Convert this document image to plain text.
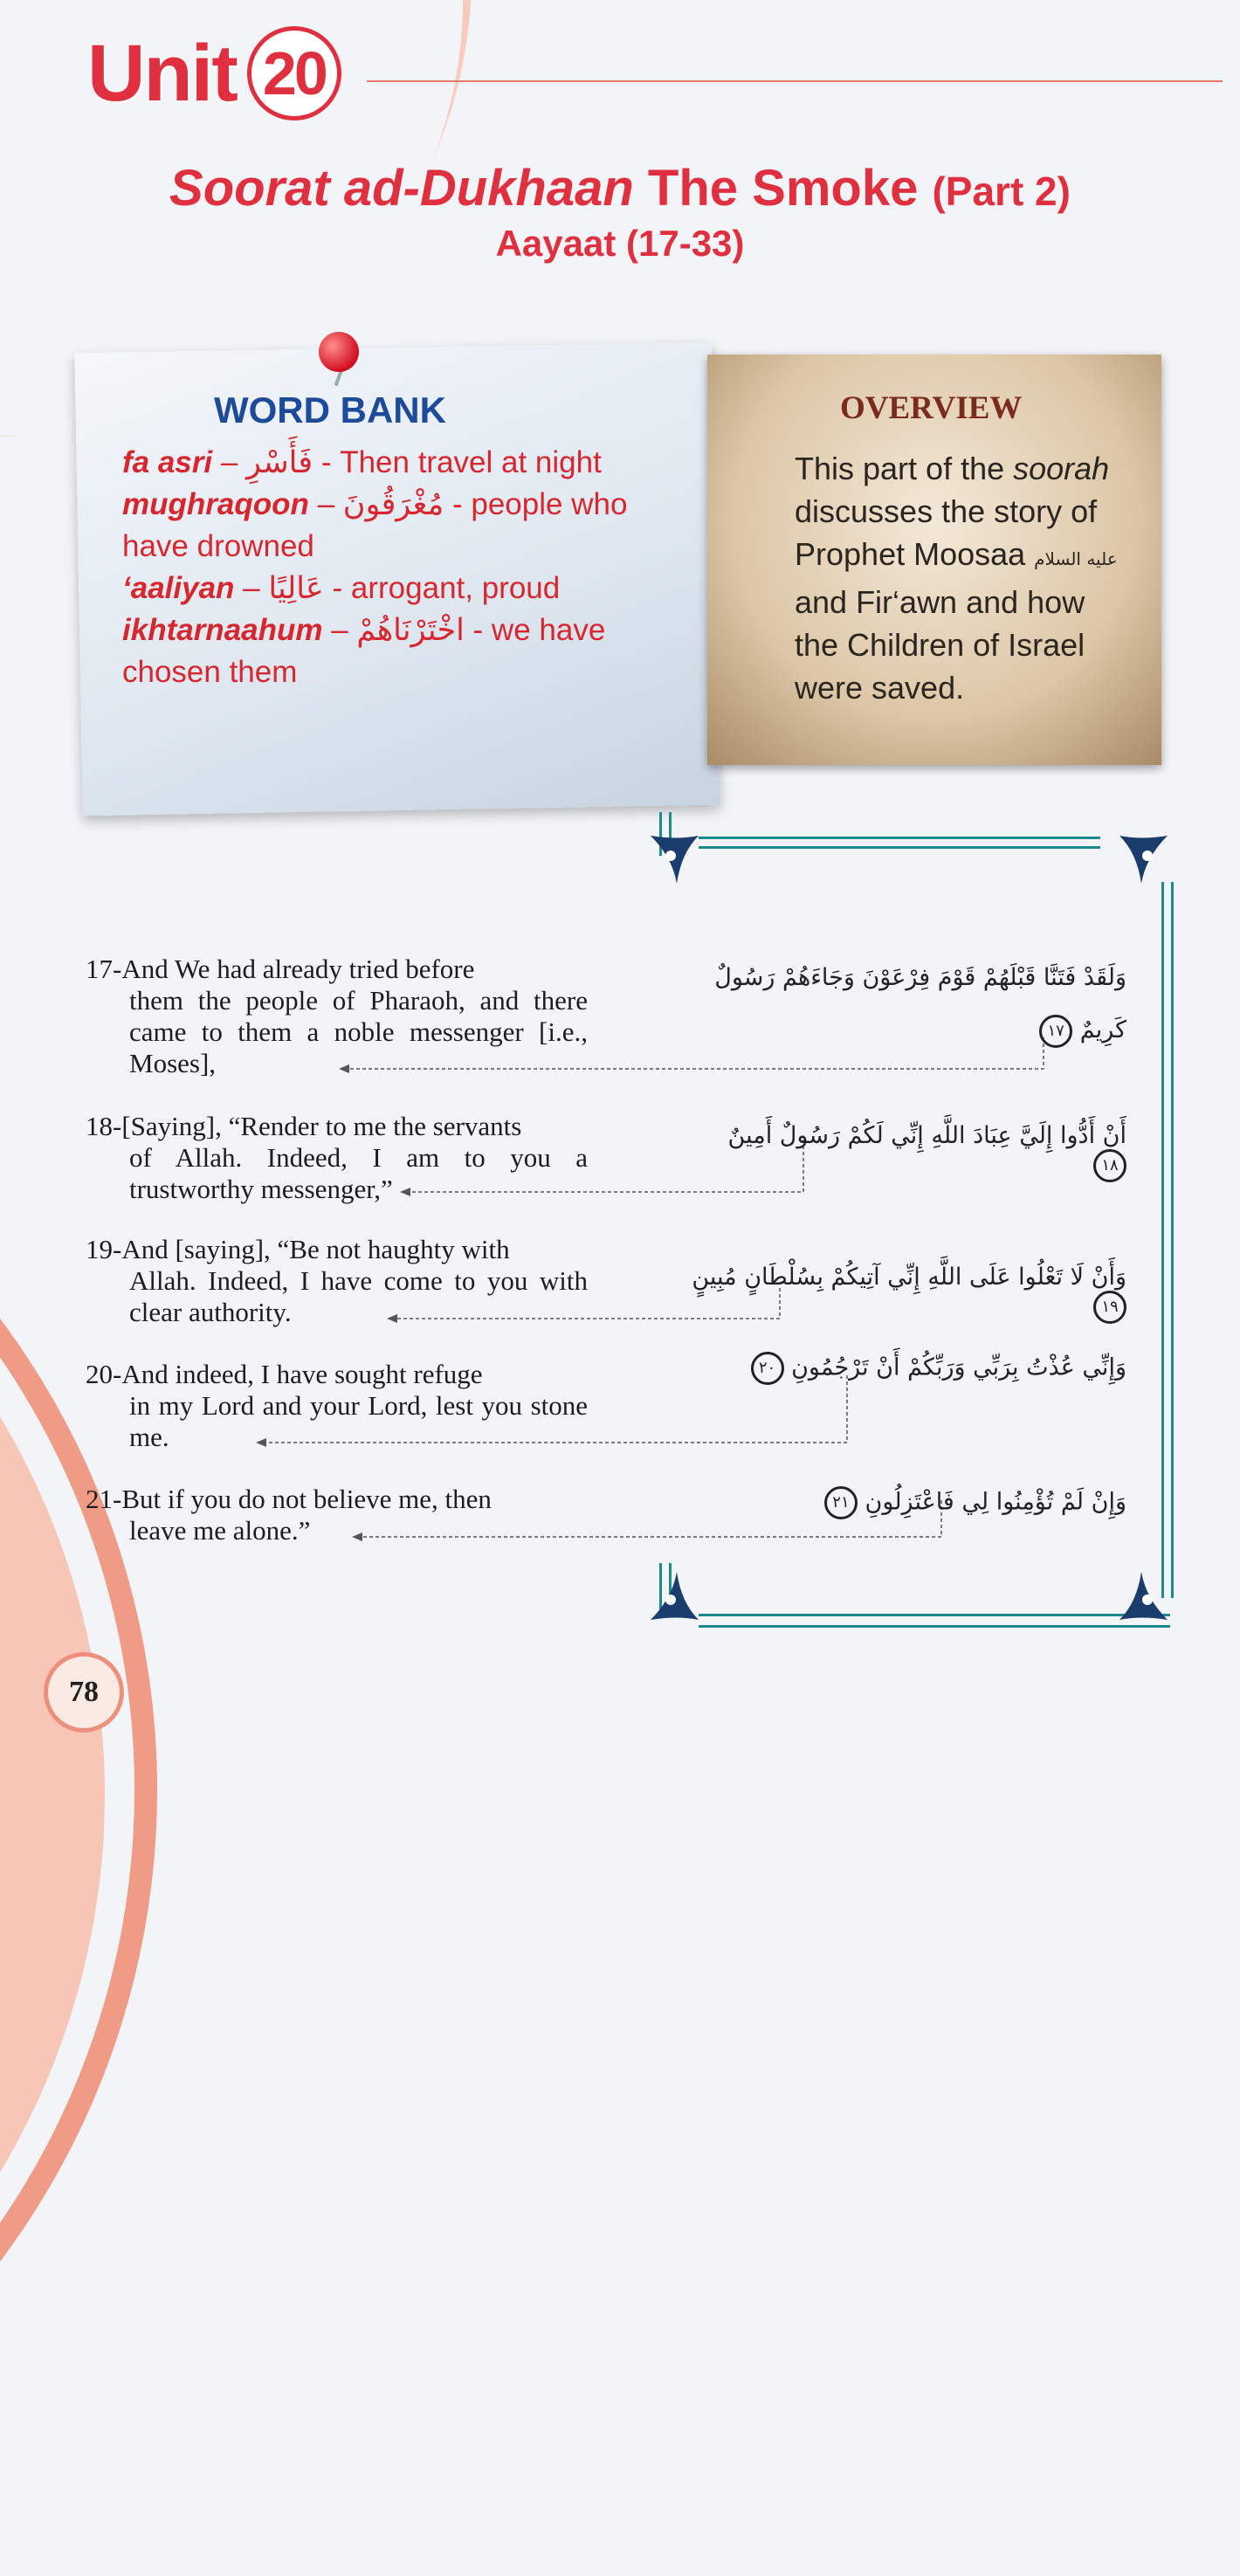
Unit 20
Soorat ad-Dukhaan The Smoke (Part 2)
Aayaat (17-33)
WORD BANK
fa asri – فَأَسْرِ - Then travel at night
mughraqoon – مُغْرَقُونَ - people who have drowned
‘aaliyan – عَالِيًا - arrogant, proud
ikhtarnaahum – اخْتَرْنَاهُمْ - we have chosen them
OVERVIEW
This part of the soorah discusses the story of Prophet Moosaa عليه السلام and Fir‘awn and how the Children of Israel were saved.
17-And We had already tried before
them the people of Pharaoh, and there came to them a noble messenger [i.e., Moses],
وَلَقَدْ فَتَنَّا قَبْلَهُمْ قَوْمَ فِرْعَوْنَ وَجَاءَهُمْ رَسُولٌ كَرِيمٌ ١٧
18-[Saying], “Render to me the servants
of Allah. Indeed, I am to you a trustworthy messenger,”
أَنْ أَدُّوا إِلَيَّ عِبَادَ اللَّهِ إِنِّي لَكُمْ رَسُولٌ أَمِينٌ ١٨
19-And [saying], “Be not haughty with
Allah. Indeed, I have come to you with clear authority.
وَأَنْ لَا تَعْلُوا عَلَى اللَّهِ إِنِّي آتِيكُمْ بِسُلْطَانٍ مُبِينٍ ١٩
20-And indeed, I have sought refuge
in my Lord and your Lord, lest you stone me.
وَإِنِّي عُذْتُ بِرَبِّي وَرَبِّكُمْ أَنْ تَرْجُمُونِ ٢٠
21-But if you do not believe me, then
leave me alone.”
وَإِنْ لَمْ تُؤْمِنُوا لِي فَاعْتَزِلُونِ ٢١
78
